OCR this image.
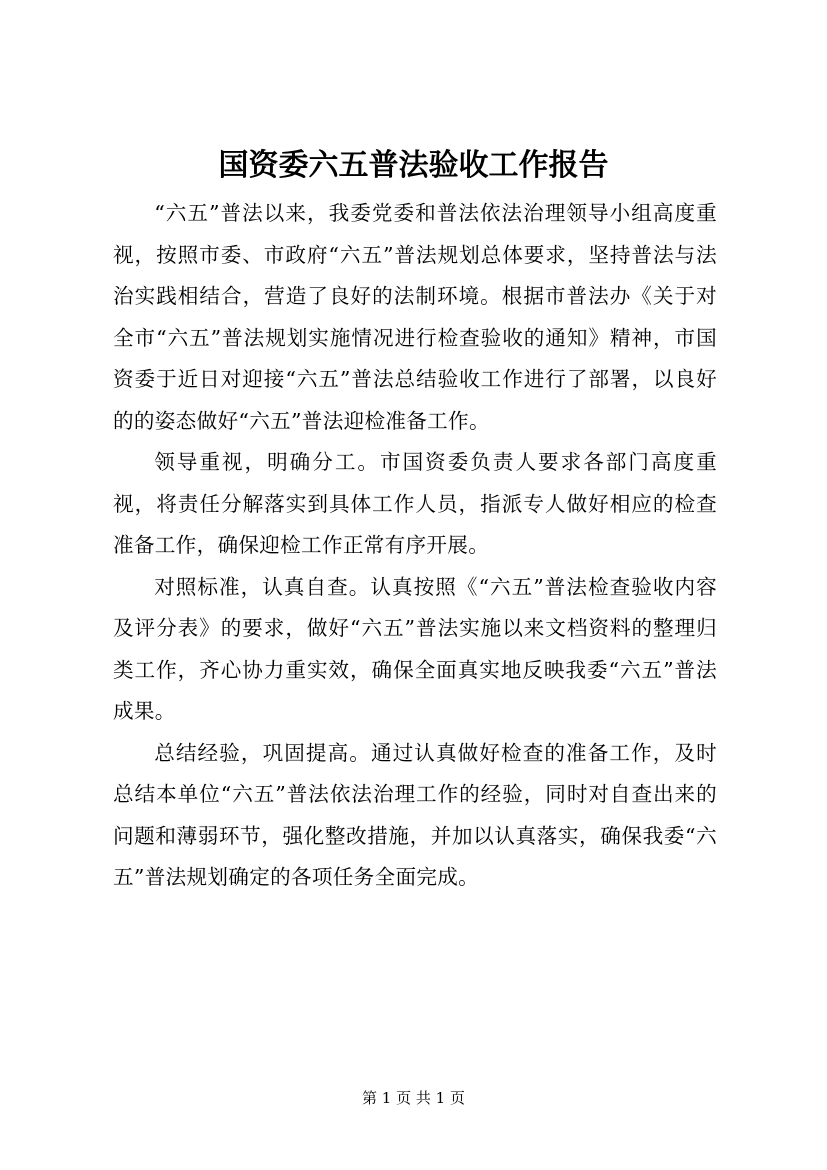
国资委六五普法验收工作报告

“六五”普法以来，我委党委和普法依法治理领导小组高度重视，按照市委、市政府“六五”普法规划总体要求，坚持普法与法治实践相结合，营造了良好的法制环境。根据市普法办《关于对全市“六五”普法规划实施情况进行检查验收的通知》精神，市国资委于近日对迎接“六五”普法总结验收工作进行了部署，以良好的的姿态做好“六五”普法迎检准备工作。

领导重视，明确分工。市国资委负责人要求各部门高度重视，将责任分解落实到具体工作人员，指派专人做好相应的检查准备工作，确保迎检工作正常有序开展。

对照标准，认真自查。认真按照《“六五”普法检查验收内容及评分表》的要求，做好“六五”普法实施以来文档资料的整理归类工作，齐心协力重实效，确保全面真实地反映我委“六五”普法成果。

总结经验，巩固提高。通过认真做好检查的准备工作，及时总结本单位“六五”普法依法治理工作的经验，同时对自查出来的问题和薄弱环节，强化整改措施，并加以认真落实，确保我委“六五”普法规划确定的各项任务全面完成。

第 1 页 共 1 页
